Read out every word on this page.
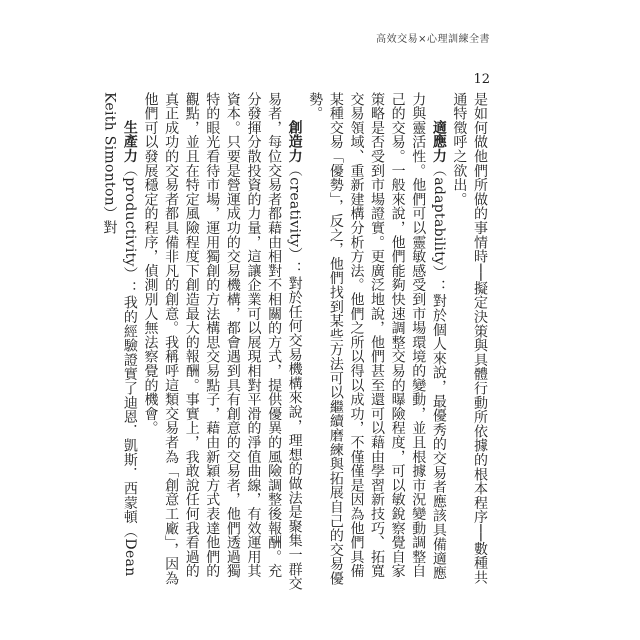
高效交易×心理訓練全書
12

是如何做他們所做的事情時──擬定決策與具體行動所依據的根本程序──數種共通特徵呼之欲出。

適應力（adaptability）：對於個人來說，最優秀的交易者應該具備適應力與靈活性。他們可以靈敏感受到市場環境的變動，並且根據市況變動調整自己的交易。一般來說，他們能夠快速調整交易的曝險程度，可以敏銳察覺自家策略是否受到市場證實。更廣泛地說，他們甚至還可以藉由學習新技巧、拓寬交易領域、重新建構分析方法。他們之所以得以成功，不僅僅是因為他們具備某種交易「優勢」，反之，他們找到某些方法可以繼續磨練與拓展自己的交易優勢。

創造力（creativity）：對於任何交易機構來說，理想的做法是聚集一群交易者，每位交易者都藉由相對不相關的方式，提供優異的風險調整後報酬。充分發揮分散投資的力量，這讓企業可以展現相對平滑的淨值曲線，有效運用其資本。只要是營運成功的交易機構，都會遇到具有創意的交易者，他們透過獨特的眼光看待市場，運用獨創的方法構思交易點子，藉由新穎方式表達他們的觀點，並且在特定風險程度下創造最大的報酬。事實上，我敢說任何我看過的真正成功的交易者都具備非凡的創意。我稱呼這類交易者為「創意工廠」，因為他們可以發展穩定的程序，偵測別人無法察覺的機會。

生產力（productivity）：我的經驗證實了迪恩．凱斯．西蒙頓（Dean Keith Simonton）對
